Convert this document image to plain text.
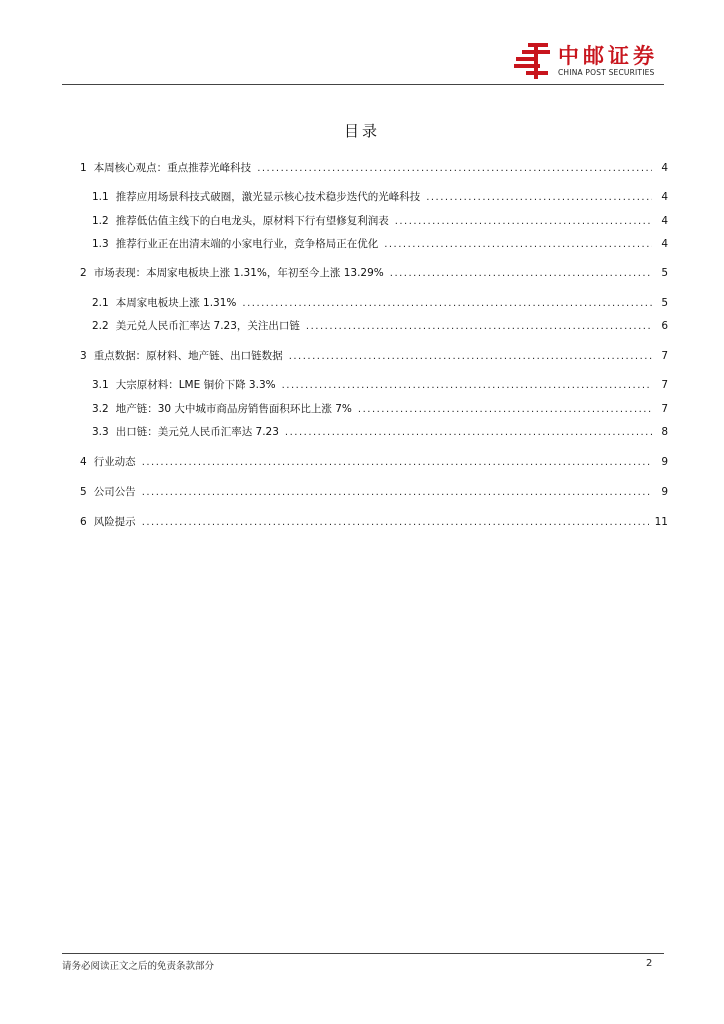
中邮证券
CHINA POST SECURITIES
目录
1 本周核心观点：重点推荐光峰科技 .....	4
1.1 推荐应用场景科技式破圈，激光显示核心技术稳步迭代的光峰科技 .....	4
1.2 推荐低估值主线下的白电龙头，原材料下行有望修复利润表 .....	4
1.3 推荐行业正在出清末端的小家电行业，竞争格局正在优化 .....	4
2 市场表现：本周家电板块上涨 1.31%，年初至今上涨 13.29% .....	5
2.1 本周家电板块上涨 1.31% .....	5
2.2 美元兑人民币汇率达 7.23，关注出口链 .....	6
3 重点数据：原材料、地产链、出口链数据 .....	7
3.1 大宗原材料：LME 铜价下降 3.3% .....	7
3.2 地产链：30 大中城市商品房销售面积环比上涨 7% .....	7
3.3 出口链：美元兑人民币汇率达 7.23 .....	8
4 行业动态 .....	9
5 公司公告 .....	9
6 风险提示 .....	11
请务必阅读正文之后的免责条款部分	2
